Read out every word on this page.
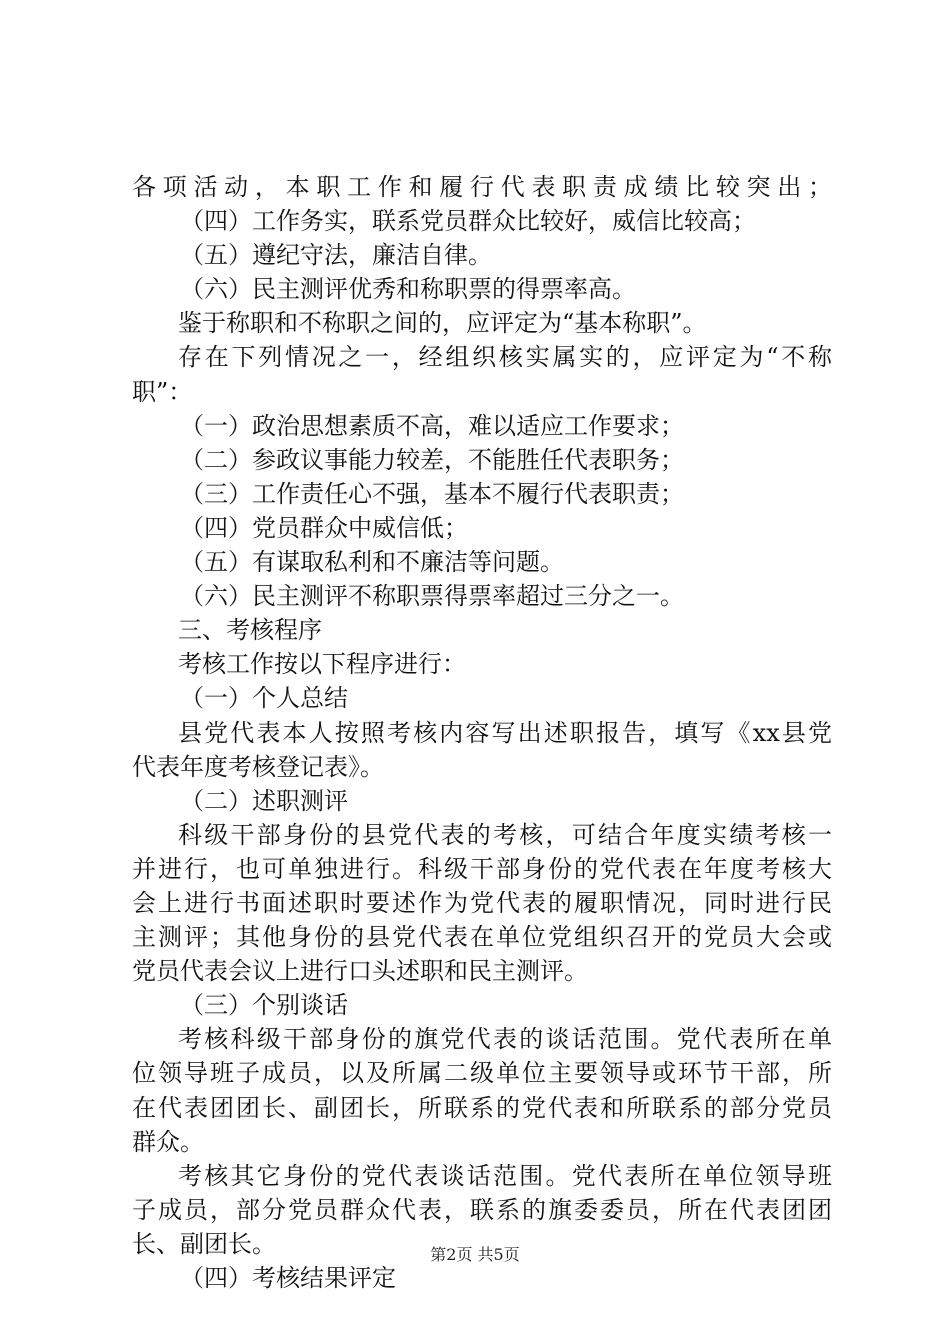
各项活动，本职工作和履行代表职责成绩比较突出；
（四）工作务实，联系党员群众比较好，威信比较高；
（五）遵纪守法，廉洁自律。
（六）民主测评优秀和称职票的得票率高。
鉴于称职和不称职之间的，应评定为“基本称职”。
存在下列情况之一，经组织核实属实的，应评定为“不称
职”：
（一）政治思想素质不高，难以适应工作要求；
（二）参政议事能力较差，不能胜任代表职务；
（三）工作责任心不强，基本不履行代表职责；
（四）党员群众中威信低；
（五）有谋取私利和不廉洁等问题。
（六）民主测评不称职票得票率超过三分之一。
三、考核程序
考核工作按以下程序进行：
（一）个人总结
县党代表本人按照考核内容写出述职报告，填写《xx县党
代表年度考核登记表》。
（二）述职测评
科级干部身份的县党代表的考核，可结合年度实绩考核一
并进行，也可单独进行。科级干部身份的党代表在年度考核大
会上进行书面述职时要述作为党代表的履职情况，同时进行民
主测评；其他身份的县党代表在单位党组织召开的党员大会或
党员代表会议上进行口头述职和民主测评。
（三）个别谈话
考核科级干部身份的旗党代表的谈话范围。党代表所在单
位领导班子成员，以及所属二级单位主要领导或环节干部，所
在代表团团长、副团长，所联系的党代表和所联系的部分党员
群众。
考核其它身份的党代表谈话范围。党代表所在单位领导班
子成员，部分党员群众代表，联系的旗委委员，所在代表团团
长、副团长。
（四）考核结果评定
第2页 共5页
